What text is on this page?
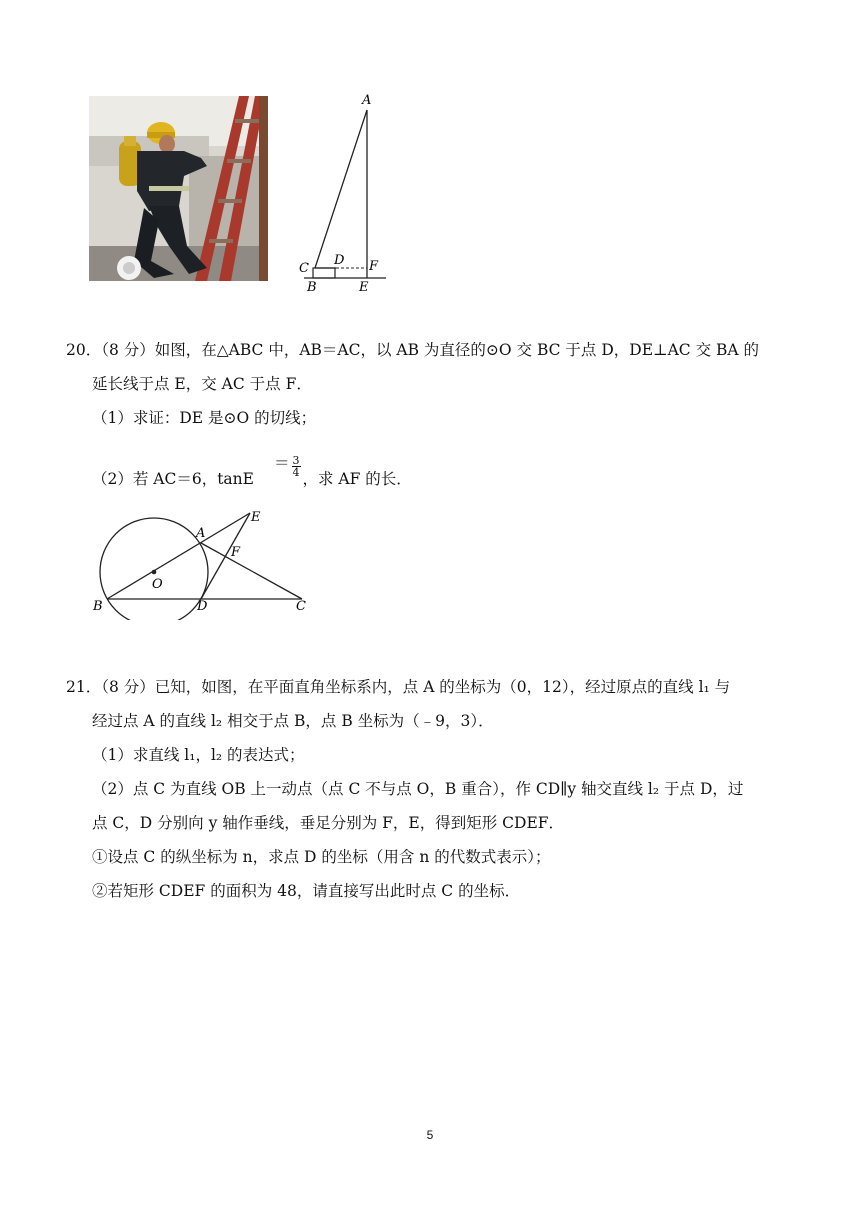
A
C
D F
B	E
20．（8 分）如图，在△ABC 中，AB＝AC，以 AB 为直径的⊙O 交 BC 于点 D，DE⊥AC 交 BA 的
延长线于点 E，交 AC 于点 F．
（1）求证：DE 是⊙O 的切线；
（2）若 AC＝6，$\tan E= \frac{3}{4}$
，求 AF 的长．
E
A
F
O
B	D	C
21．（8 分）已知，如图，在平面直角坐标系内，点 A 的坐标为（0，12），经过原点的直线 l₁ 与
经过点 A 的直线 l₂ 相交于点 B，点 B 坐标为（﹣9，3）．
（1）求直线 l₁，l₂ 的表达式；
（2）点 C 为直线 OB 上一动点（点 C 不与点 O，B 重合），作 CD∥y 轴交直线 l₂ 于点 D，过
点 C，D 分别向 y 轴作垂线，垂足分别为 F，E，得到矩形 CDEF．
①设点 C 的纵坐标为 n，求点 D 的坐标（用含 n 的代数式表示）；
②若矩形 CDEF 的面积为 48，请直接写出此时点 C 的坐标．
5
